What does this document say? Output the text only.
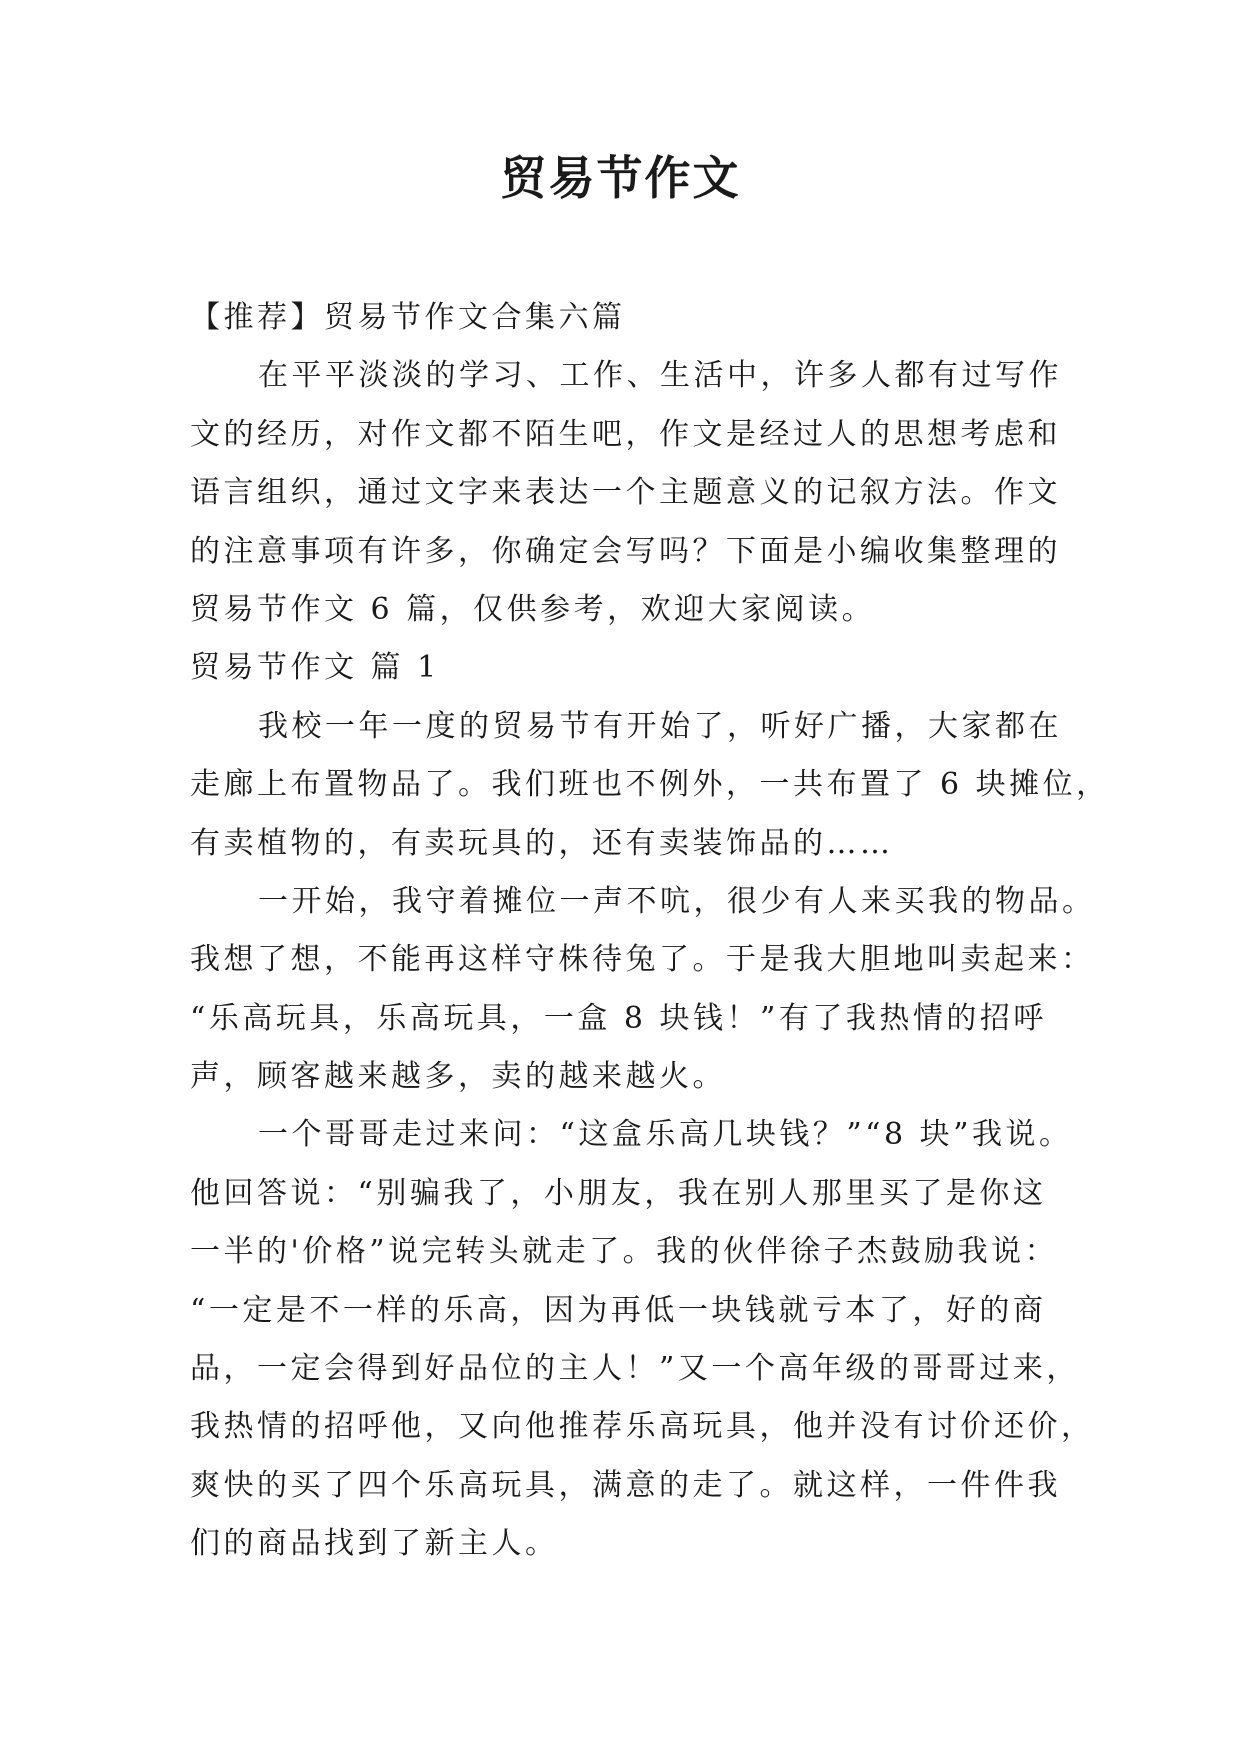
贸易节作文
【推荐】贸易节作文合集六篇
在平平淡淡的学习、工作、生活中，许多人都有过写作
文的经历，对作文都不陌生吧，作文是经过人的思想考虑和
语言组织，通过文字来表达一个主题意义的记叙方法。作文
的注意事项有许多，你确定会写吗？下面是小编收集整理的
贸易节作文 6 篇，仅供参考，欢迎大家阅读。
贸易节作文 篇 1
我校一年一度的贸易节有开始了，听好广播，大家都在
走廊上布置物品了。我们班也不例外，一共布置了 6 块摊位，
有卖植物的，有卖玩具的，还有卖装饰品的……
一开始，我守着摊位一声不吭，很少有人来买我的物品。
我想了想，不能再这样守株待兔了。于是我大胆地叫卖起来：
“乐高玩具，乐高玩具，一盒 8 块钱！”有了我热情的招呼
声，顾客越来越多，卖的越来越火。
一个哥哥走过来问：“这盒乐高几块钱？”“8 块”我说。
他回答说：“别骗我了，小朋友，我在别人那里买了是你这
一半的'价格”说完转头就走了。我的伙伴徐子杰鼓励我说：
“一定是不一样的乐高，因为再低一块钱就亏本了，好的商
品，一定会得到好品位的主人！”又一个高年级的哥哥过来，
我热情的招呼他，又向他推荐乐高玩具，他并没有讨价还价，
爽快的买了四个乐高玩具，满意的走了。就这样，一件件我
们的商品找到了新主人。
